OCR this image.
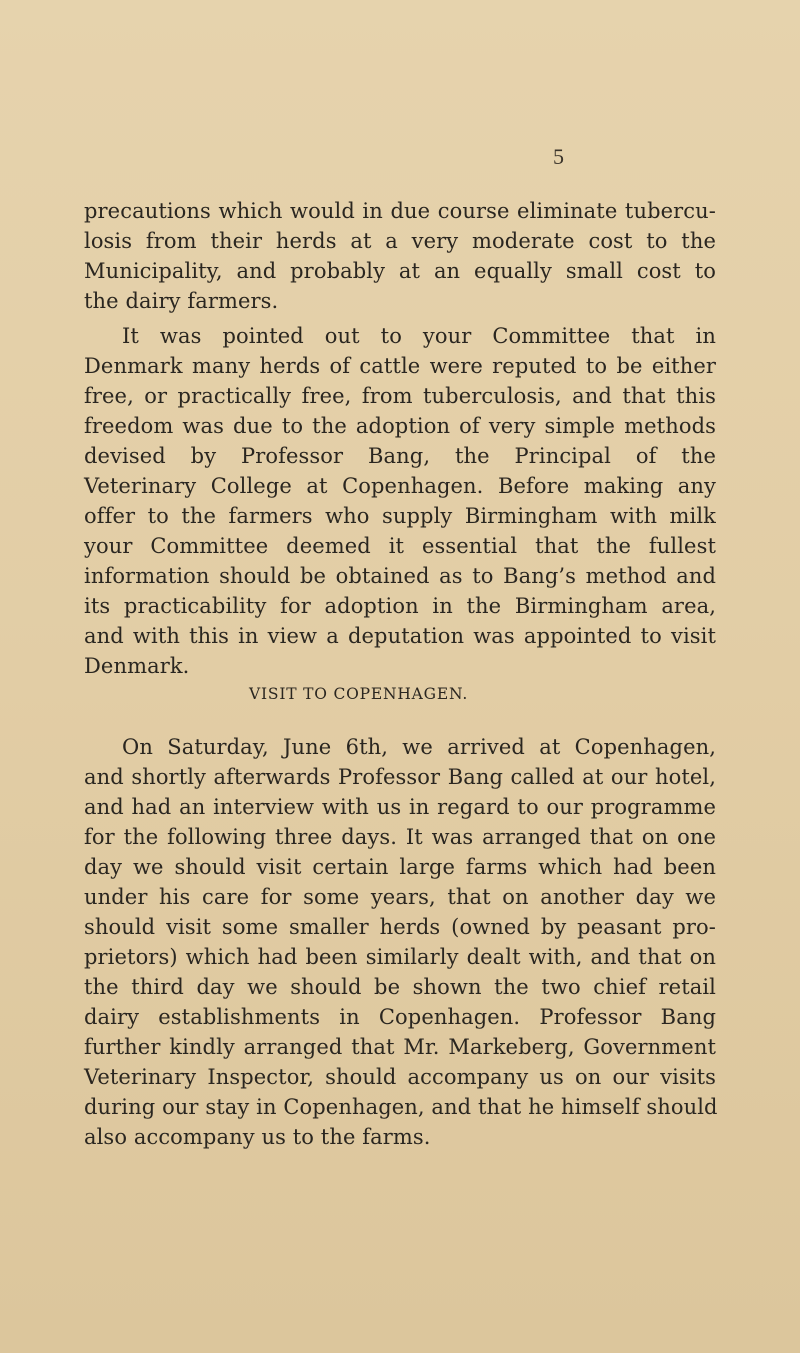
5

precautions which would in due course eliminate tubercu-
losis from their herds at a very moderate cost to the
Municipality, and probably at an equally small cost to
the dairy farmers.
It was pointed out to your Committee that in
Denmark many herds of cattle were reputed to be either
free, or practically free, from tuberculosis, and that this
freedom was due to the adoption of very simple methods
devised by Professor Bang, the Principal of the
Veterinary College at Copenhagen. Before making any
offer to the farmers who supply Birmingham with milk
your Committee deemed it essential that the fullest
information should be obtained as to Bang’s method and
its practicability for adoption in the Birmingham area,
and with this in view a deputation was appointed to visit
Denmark.

VISIT TO COPENHAGEN.

On Saturday, June 6th, we arrived at Copenhagen,
and shortly afterwards Professor Bang called at our hotel,
and had an interview with us in regard to our programme
for the following three days. It was arranged that on one
day we should visit certain large farms which had been
under his care for some years, that on another day we
should visit some smaller herds (owned by peasant pro-
prietors) which had been similarly dealt with, and that on
the third day we should be shown the two chief retail
dairy establishments in Copenhagen. Professor Bang
further kindly arranged that Mr. Markeberg, Government
Veterinary Inspector, should accompany us on our visits
during our stay in Copenhagen, and that he himself should
also accompany us to the farms.
